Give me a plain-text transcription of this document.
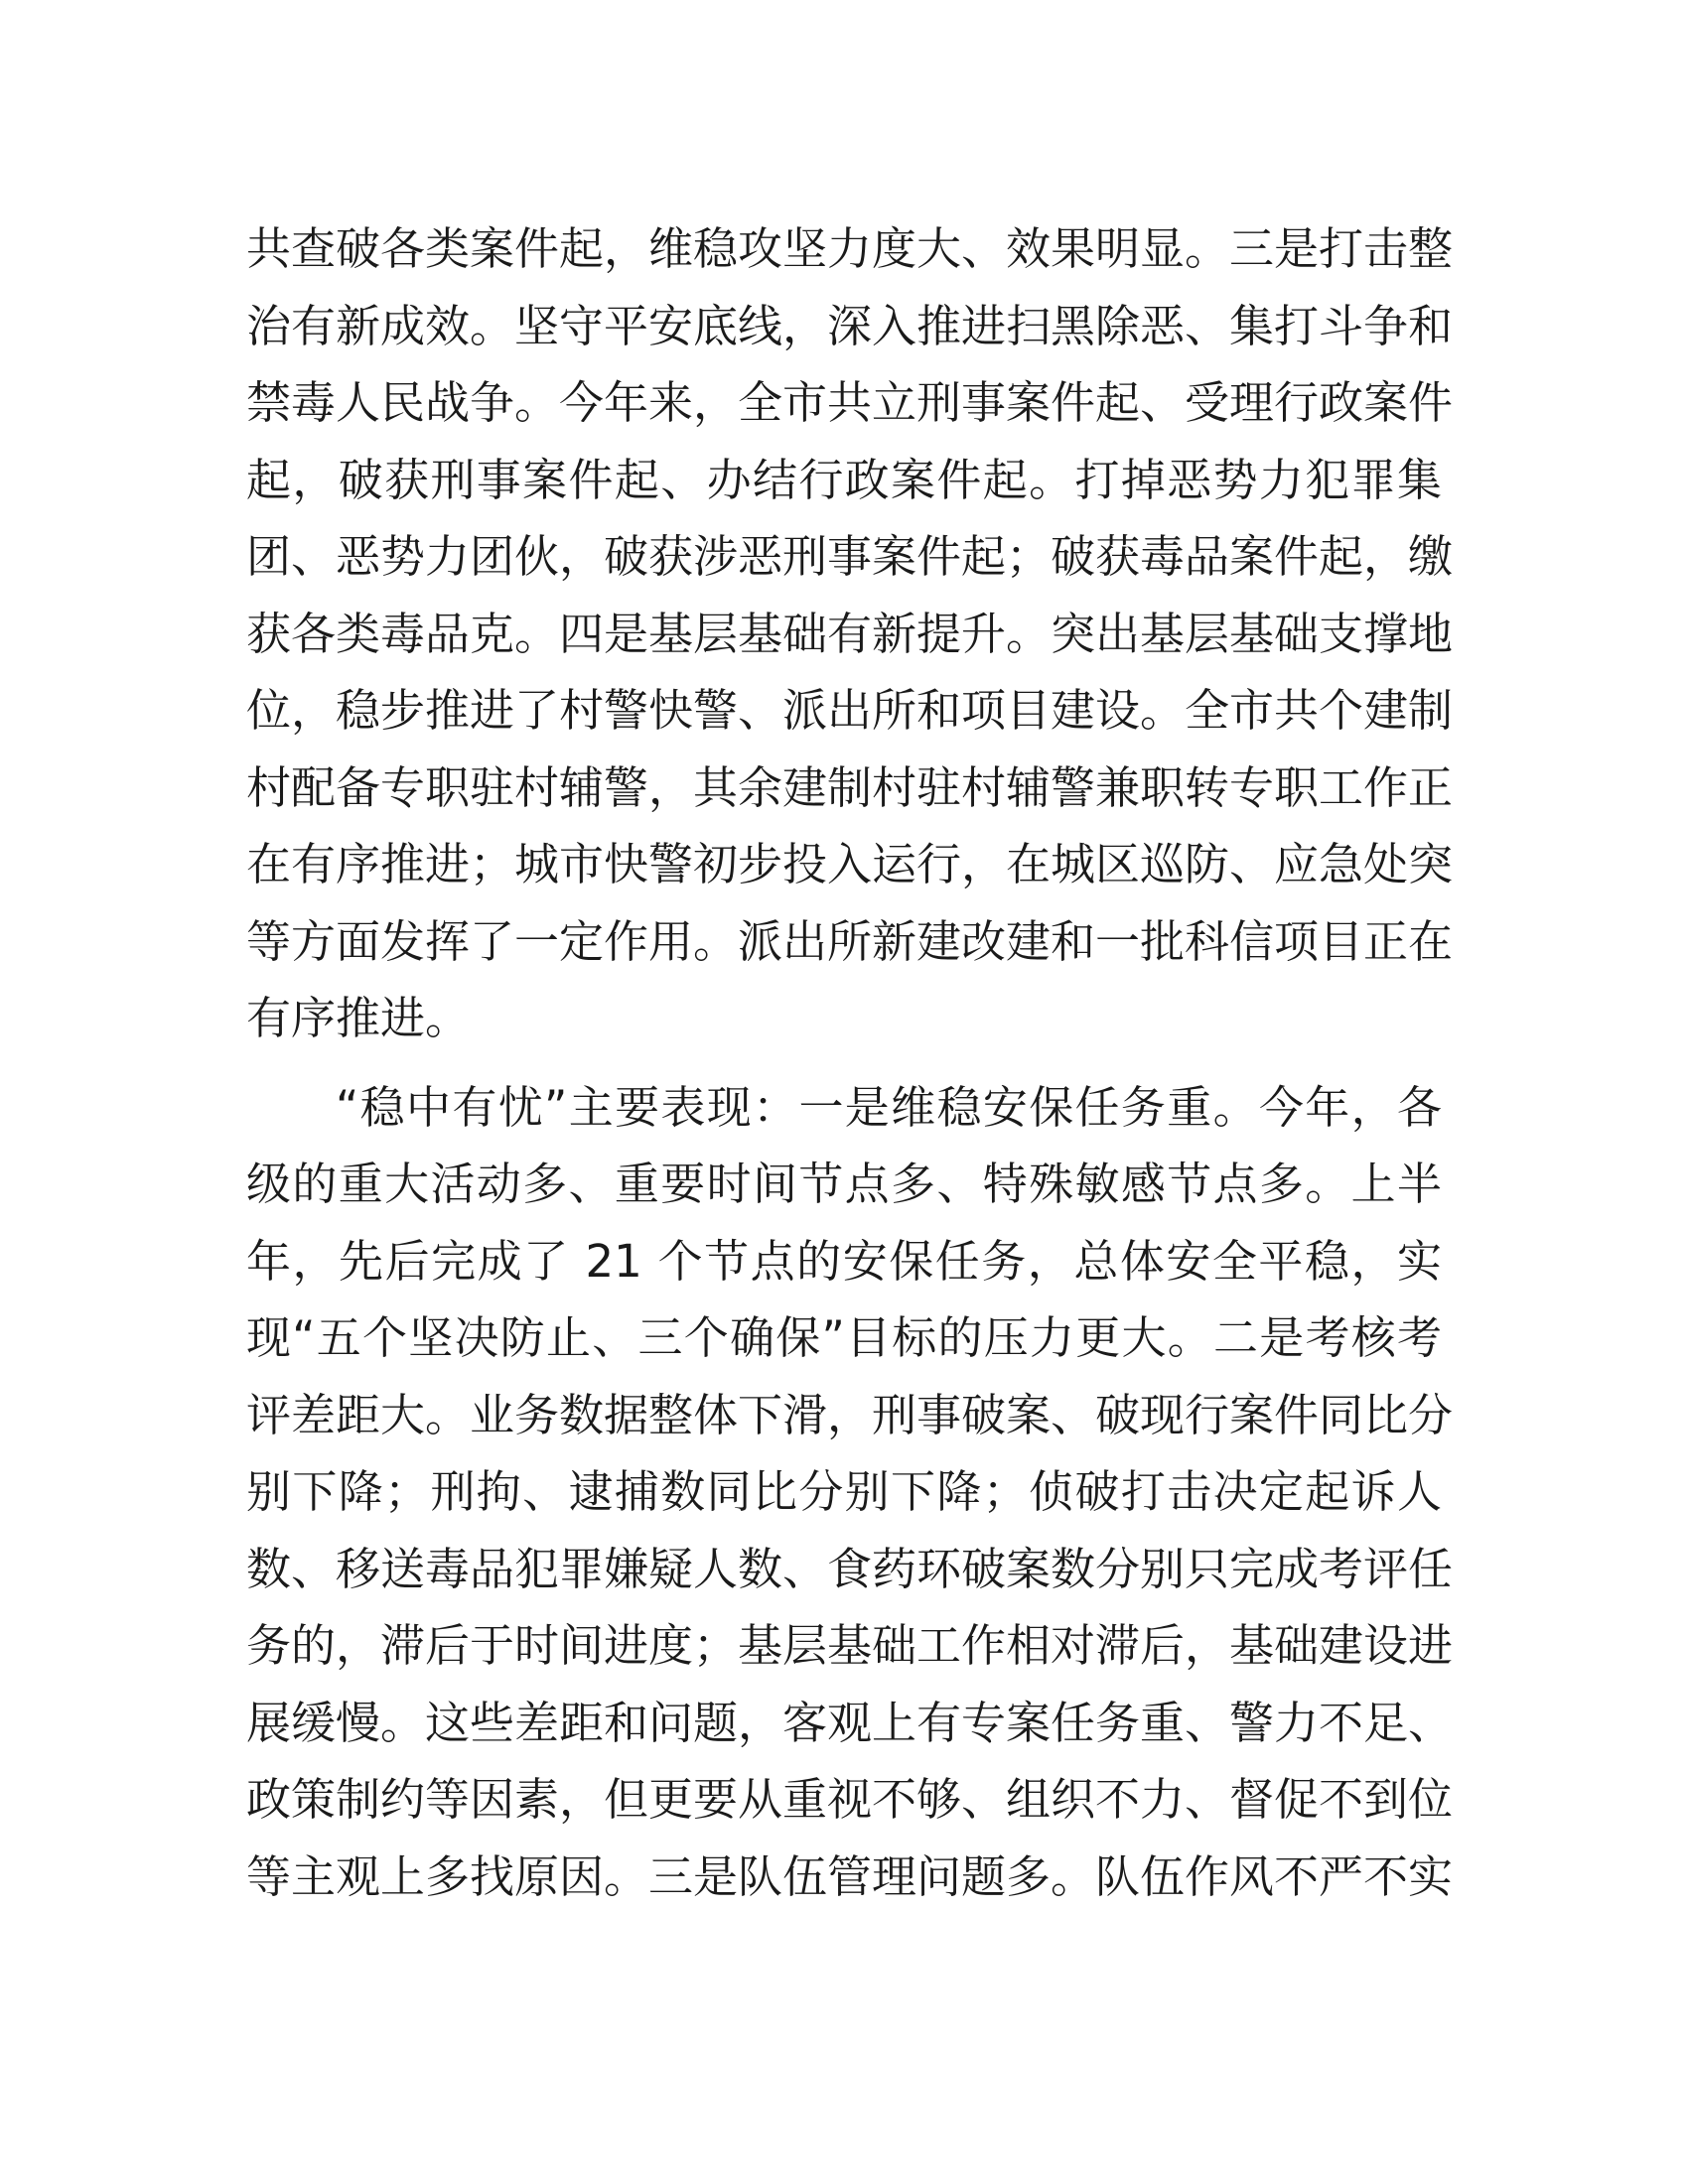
共查破各类案件起，维稳攻坚力度大、效果明显。三是打击整
治有新成效。坚守平安底线，深入推进扫黑除恶、集打斗争和
禁毒人民战争。今年来，全市共立刑事案件起、受理行政案件
起，破获刑事案件起、办结行政案件起。打掉恶势力犯罪集
团、恶势力团伙，破获涉恶刑事案件起；破获毒品案件起，缴
获各类毒品克。四是基层基础有新提升。突出基层基础支撑地
位，稳步推进了村警快警、派出所和项目建设。全市共个建制
村配备专职驻村辅警，其余建制村驻村辅警兼职转专职工作正
在有序推进；城市快警初步投入运行，在城区巡防、应急处突
等方面发挥了一定作用。派出所新建改建和一批科信项目正在
有序推进。
“稳中有忧”主要表现：一是维稳安保任务重。今年，各
级的重大活动多、重要时间节点多、特殊敏感节点多。上半
年，先后完成了 21 个节点的安保任务，总体安全平稳，实
现“五个坚决防止、三个确保”目标的压力更大。二是考核考
评差距大。业务数据整体下滑，刑事破案、破现行案件同比分
别下降；刑拘、逮捕数同比分别下降；侦破打击决定起诉人
数、移送毒品犯罪嫌疑人数、食药环破案数分别只完成考评任
务的，滞后于时间进度；基层基础工作相对滞后，基础建设进
展缓慢。这些差距和问题，客观上有专案任务重、警力不足、
政策制约等因素，但更要从重视不够、组织不力、督促不到位
等主观上多找原因。三是队伍管理问题多。队伍作风不严不实
